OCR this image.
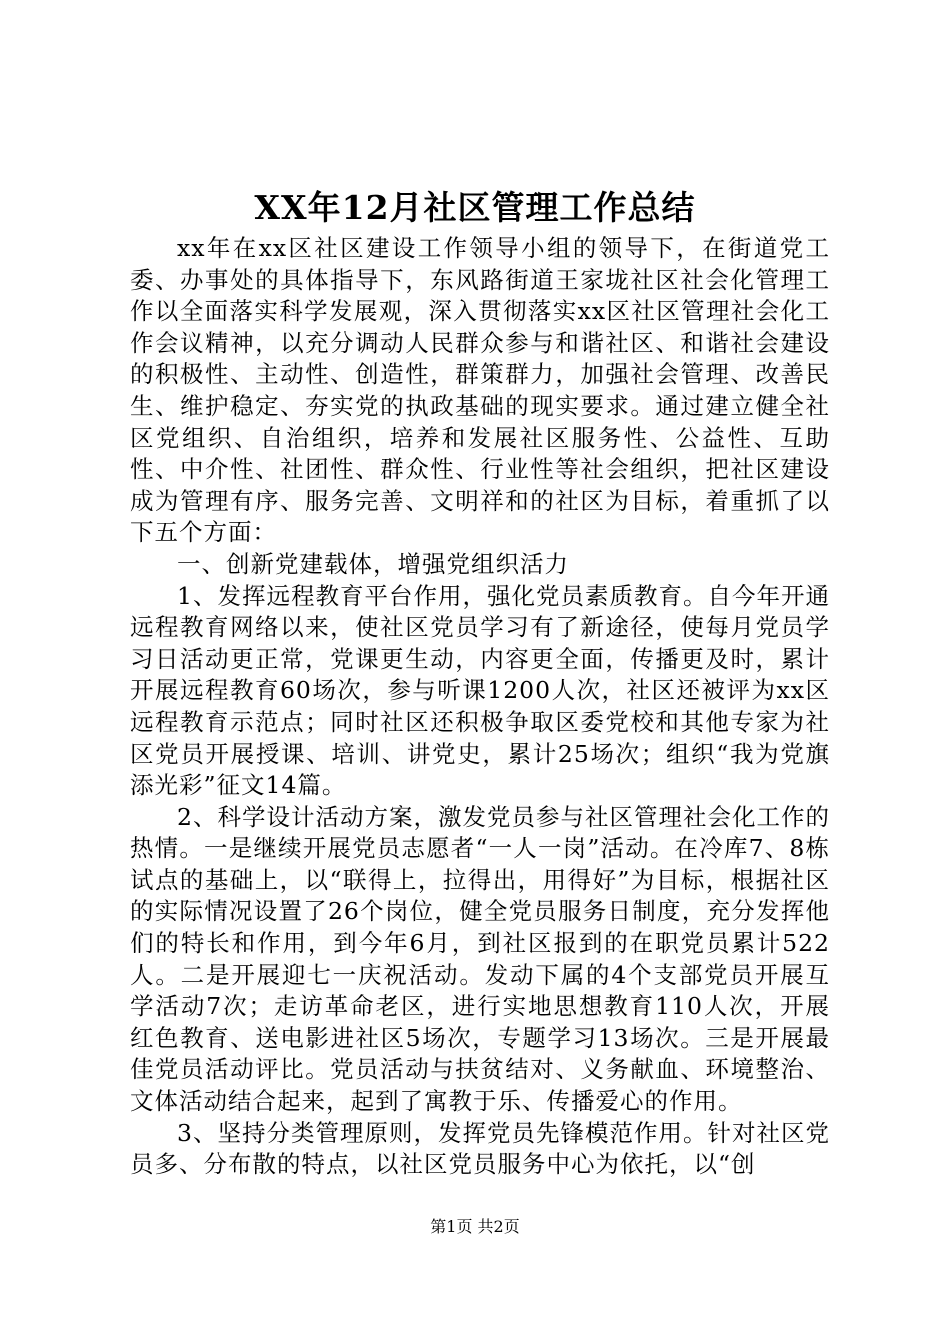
XX年12月社区管理工作总结

xx年在xx区社区建设工作领导小组的领导下，在街道党工委、办事处的具体指导下，东风路街道王家垅社区社会化管理工作以全面落实科学发展观，深入贯彻落实xx区社区管理社会化工作会议精神，以充分调动人民群众参与和谐社区、和谐社会建设的积极性、主动性、创造性，群策群力，加强社会管理、改善民生、维护稳定、夯实党的执政基础的现实要求。通过建立健全社区党组织、自治组织，培养和发展社区服务性、公益性、互助性、中介性、社团性、群众性、行业性等社会组织，把社区建设成为管理有序、服务完善、文明祥和的社区为目标，着重抓了以下五个方面：

一、创新党建载体，增强党组织活力

1、发挥远程教育平台作用，强化党员素质教育。自今年开通远程教育网络以来，使社区党员学习有了新途径，使每月党员学习日活动更正常，党课更生动，内容更全面，传播更及时，累计开展远程教育60场次，参与听课1200人次，社区还被评为xx区远程教育示范点；同时社区还积极争取区委党校和其他专家为社区党员开展授课、培训、讲党史，累计25场次；组织“我为党旗添光彩”征文14篇。

2、科学设计活动方案，激发党员参与社区管理社会化工作的热情。一是继续开展党员志愿者“一人一岗”活动。在冷库7、8栋试点的基础上，以“联得上，拉得出，用得好”为目标，根据社区的实际情况设置了26个岗位，健全党员服务日制度，充分发挥他们的特长和作用，到今年6月，到社区报到的在职党员累计522人。二是开展迎七一庆祝活动。发动下属的4个支部党员开展互学活动7次；走访革命老区，进行实地思想教育110人次，开展红色教育、送电影进社区5场次，专题学习13场次。三是开展最佳党员活动评比。党员活动与扶贫结对、义务献血、环境整治、文体活动结合起来，起到了寓教于乐、传播爱心的作用。

3、坚持分类管理原则，发挥党员先锋模范作用。针对社区党员多、分布散的特点，以社区党员服务中心为依托，以“创

第1页 共2页
